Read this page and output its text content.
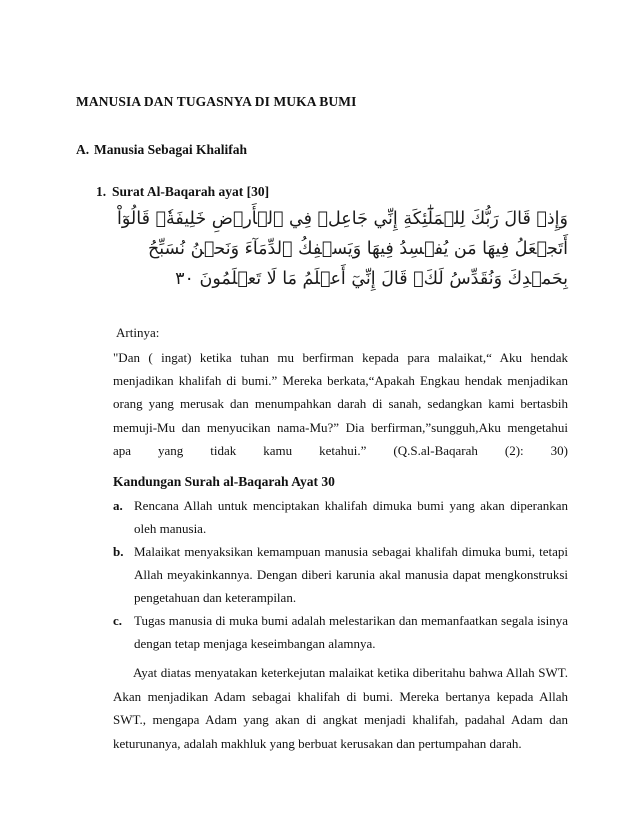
MANUSIA DAN TUGASNYA DI MUKA BUMI
A. Manusia Sebagai Khalifah
1. Surat Al-Baqarah ayat [30]
وَإِذۡ قَالَ رَبُّكَ لِلۡمَلَٰٓئِكَةِ إِنِّي جَاعِلٞ فِي ٱلۡأَرۡضِ خَلِيفَةٗۖ قَالُوٓاْ
أَتَجۡعَلُ فِيهَا مَن يُفۡسِدُ فِيهَا وَيَسۡفِكُ ٱلدِّمَآءَ وَنَحۡنُ نُسَبِّحُ
بِحَمۡدِكَ وَنُقَدِّسُ لَكَۖ قَالَ إِنِّيٓ أَعۡلَمُ مَا لَا تَعۡلَمُونَ ٣٠
Artinya:
"Dan ( ingat) ketika tuhan mu berfirman kepada para malaikat,“ Aku hendak menjadikan khalifah di bumi.” Mereka berkata,“Apakah Engkau hendak menjadikan orang yang merusak dan menumpahkan darah di sanah, sedangkan kami bertasbih memuji-Mu dan menyucikan nama-Mu?” Dia berfirman,”sungguh,Aku mengetahui apa yang tidak kamu ketahui.” (Q.S.al-Baqarah (2): 30)
Kandungan Surah al-Baqarah Ayat 30
a. Rencana Allah untuk menciptakan khalifah dimuka bumi yang akan diperankan oleh manusia.
b. Malaikat menyaksikan kemampuan manusia sebagai khalifah dimuka bumi, tetapi Allah meyakinkannya. Dengan diberi karunia akal manusia dapat mengkonstruksi pengetahuan dan keterampilan.
c. Tugas manusia di muka bumi adalah melestarikan dan memanfaatkan segala isinya dengan tetap menjaga keseimbangan alamnya.
Ayat diatas menyatakan keterkejutan malaikat ketika diberitahu bahwa Allah SWT. Akan menjadikan Adam sebagai khalifah di bumi. Mereka bertanya kepada Allah SWT., mengapa Adam yang akan di angkat menjadi khalifah, padahal Adam dan keturunanya, adalah makhluk yang berbuat kerusakan dan pertumpahan darah.
